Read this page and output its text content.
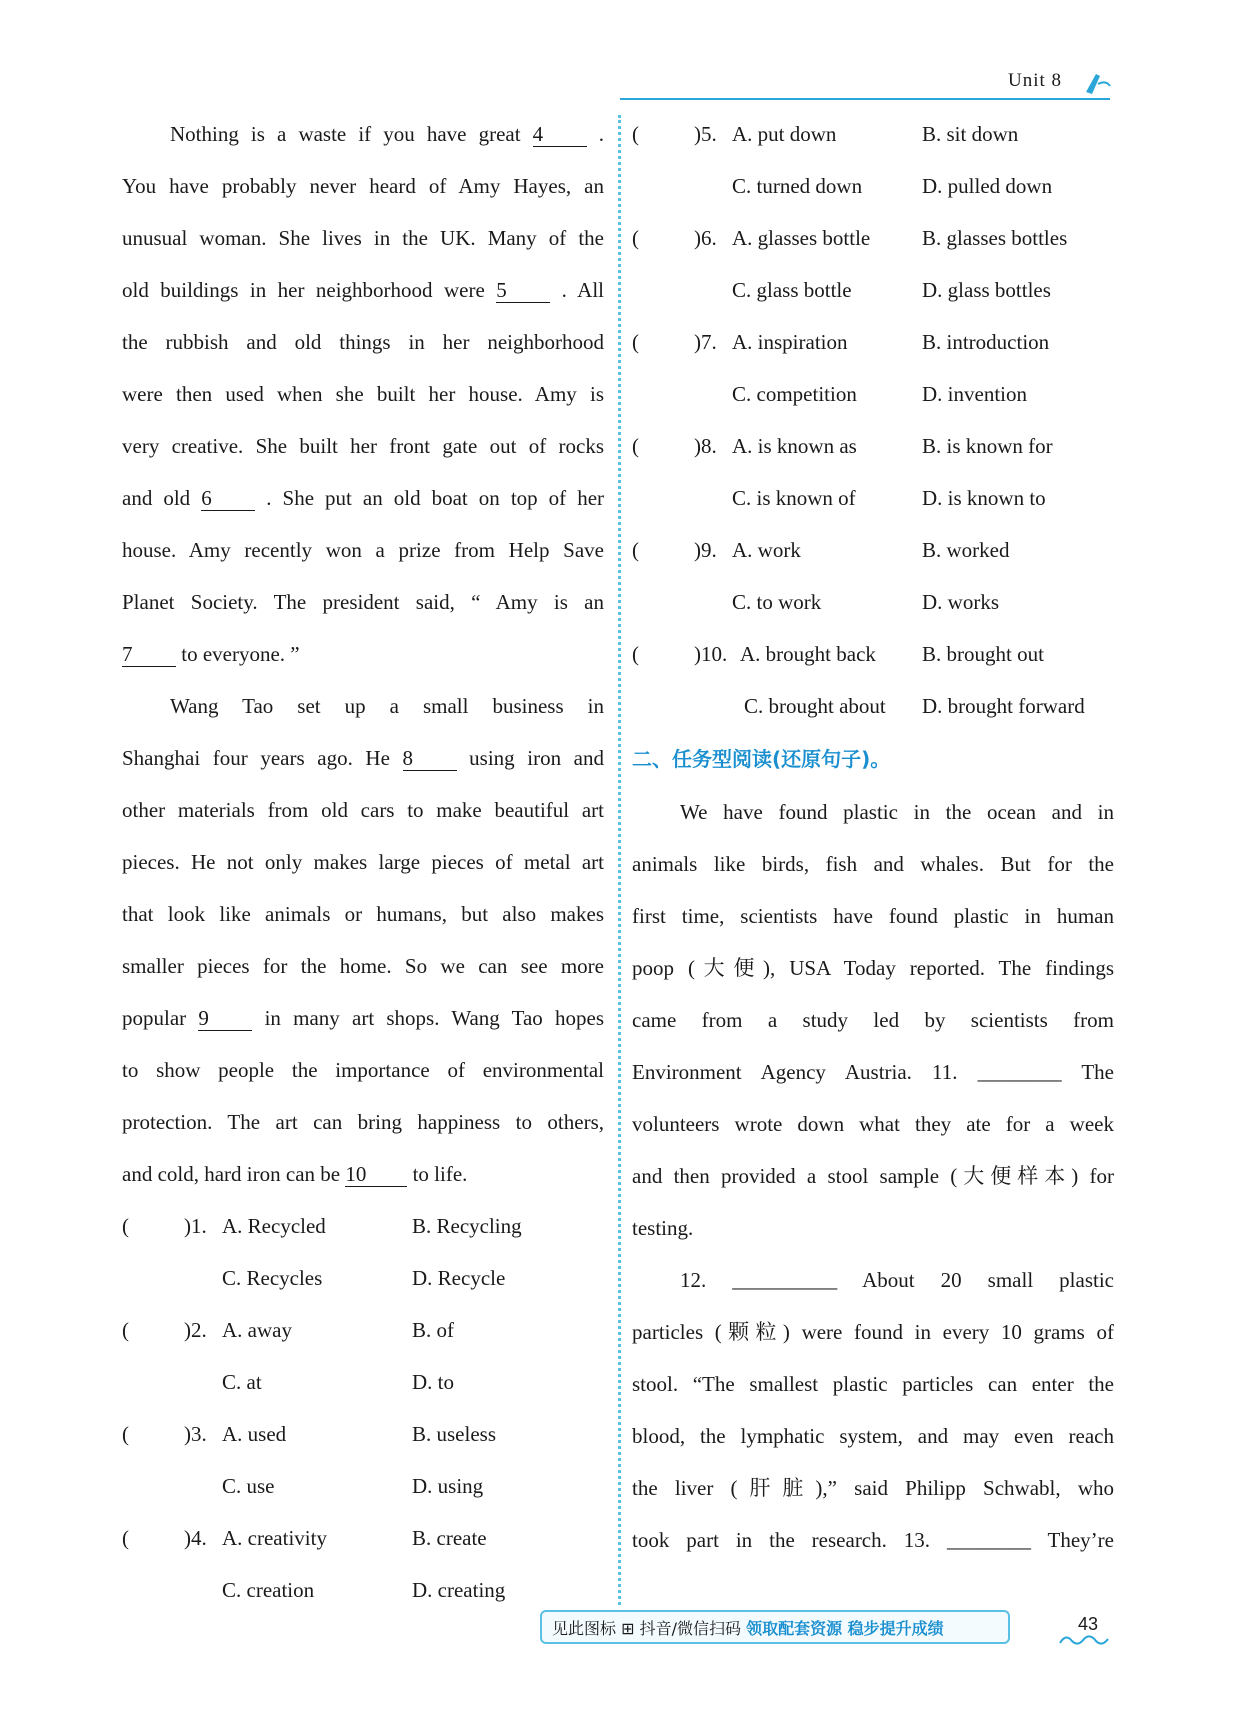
Unit 8
Nothing is a waste if you have great 4	.
You have probably never heard of Amy Hayes, an
unusual woman. She lives in the UK. Many of the
old buildings in her neighborhood were 5	. All
the rubbish and old things in her neighborhood
were then used when she built her house. Amy is
very creative. She built her front gate out of rocks
and old 6	. She put an old boat on top of her
house. Amy recently won a prize from Help Save
Planet Society. The president said, “ Amy is an
7 to everyone. ”
Wang Tao set up a small business in
Shanghai four years ago. He 8	using iron and
other materials from old cars to make beautiful art
pieces. He not only makes large pieces of metal art
that look like animals or humans, but also makes
smaller pieces for the home. So we can see more
popular 9	in many art shops. Wang Tao hopes
to show people the importance of environmental
protection. The art can bring happiness to others,
and cold, hard iron can be 10 to life.
(	)1. A. Recycled	B. Recycling
C. Recycles	D. Recycle
(	)2. A. away	B. of
C. at	D. to
(	)3. A. used	B. useless
C. use	D. using
(	)4. A. creativity	B. create
C. creation	D. creating
(	)5. A. put down	B. sit down
C. turned down	D. pulled down
(	)6. A. glasses bottle B. glasses bottles
C. glass bottle	D. glass bottles
(	)7. A. inspiration	B. introduction
C. competition	D. invention
(	)8. A. is known as	B. is known for
C. is known of	D. is known to
(	)9. A. work	B. worked
C. to work	D. works
(	)10. A. brought back B. brought out
C. brought about D. brought forward
二、任务型阅读(还原句子)。
We have found plastic in the ocean and in
animals like birds, fish and whales. But for the
first time, scientists have found plastic in human
poop (大便), USA Today reported. The findings
came from a study led by scientists from
Environment Agency Austria. 11. ________ The
volunteers wrote down what they ate for a week
and then provided a stool sample (大便样本) for
testing.
12. __________ About 20 small plastic
particles (颗粒) were found in every 10 grams of
stool. “The smallest plastic particles can enter the
blood, the lymphatic system, and may even reach
the liver (肝脏),” said Philipp Schwabl, who
took part in the research. 13. ________ They’re
见此图标 ⊞ 抖音/微信扫码 领取配套资源 稳步提升成绩	43
